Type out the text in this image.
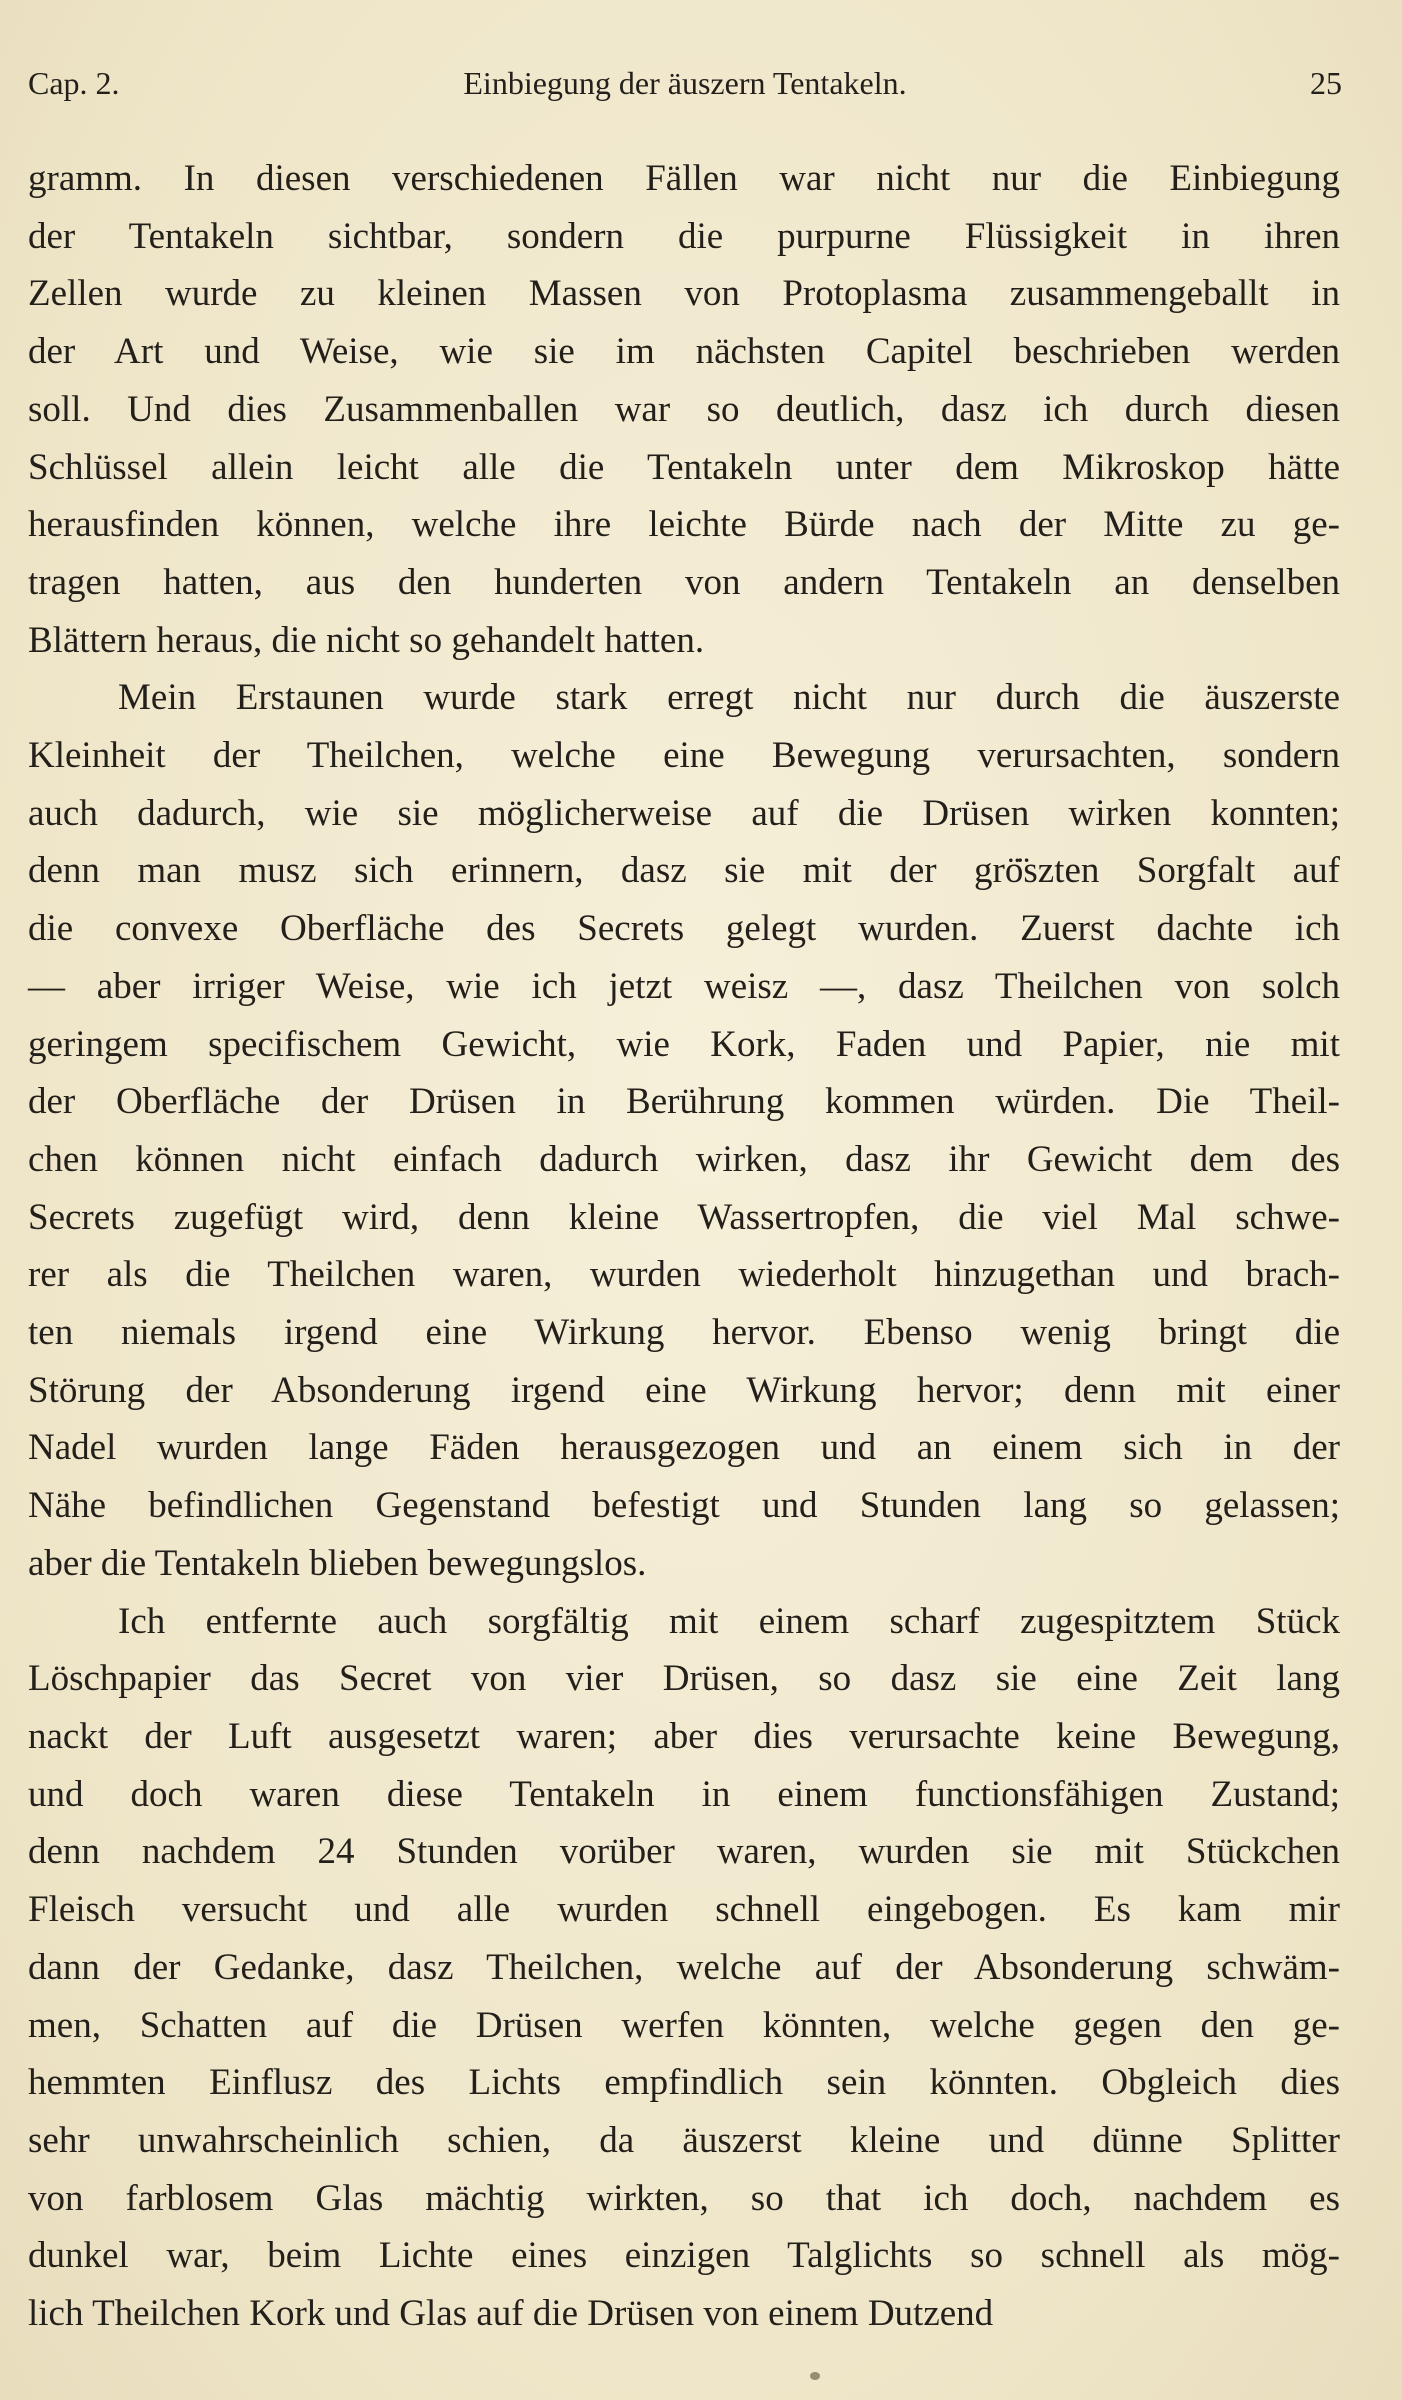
Cap. 2.	Einbiegung der äuszern Tentakeln.	25

gramm. In diesen verschiedenen Fällen war nicht nur die Einbiegung

der Tentakeln sichtbar, sondern die purpurne Flüssigkeit in ihren

Zellen wurde zu kleinen Massen von Protoplasma zusammengeballt in

der Art und Weise, wie sie im nächsten Capitel beschrieben werden

soll. Und dies Zusammenballen war so deutlich, dasz ich durch diesen

Schlüssel allein leicht alle die Tentakeln unter dem Mikroskop hätte

herausfinden können, welche ihre leichte Bürde nach der Mitte zu ge-

tragen hatten, aus den hunderten von andern Tentakeln an denselben

Blättern heraus, die nicht so gehandelt hatten.

Mein Erstaunen wurde stark erregt nicht nur durch die äuszerste

Kleinheit der Theilchen, welche eine Bewegung verursachten, sondern

auch dadurch, wie sie möglicherweise auf die Drüsen wirken konnten;

denn man musz sich erinnern, dasz sie mit der grö̈szten Sorgfalt auf

die convexe Oberfläche des Secrets gelegt wurden. Zuerst dachte ich

— aber irriger Weise, wie ich jetzt weisz —, dasz Theilchen von solch

geringem specifischem Gewicht, wie Kork, Faden und Papier, nie mit

der Oberfläche der Drüsen in Berührung kommen würden. Die Theil-

chen können nicht einfach dadurch wirken, dasz ihr Gewicht dem des

Secrets zugefügt wird, denn kleine Wassertropfen, die viel Mal schwe-

rer als die Theilchen waren, wurden wiederholt hinzugethan und brach-

ten niemals irgend eine Wirkung hervor. Ebenso wenig bringt die

Störung der Absonderung irgend eine Wirkung hervor; denn mit einer

Nadel wurden lange Fäden herausgezogen und an einem sich in der

Nähe befindlichen Gegenstand befestigt und Stunden lang so gelassen;

aber die Tentakeln blieben bewegungslos.

Ich entfernte auch sorgfältig mit einem scharf zugespitztem Stück

Löschpapier das Secret von vier Drüsen, so dasz sie eine Zeit lang

nackt der Luft ausgesetzt waren; aber dies verursachte keine Bewegung,

und doch waren diese Tentakeln in einem functionsfähigen Zustand;

denn nachdem 24 Stunden vorüber waren, wurden sie mit Stückchen

Fleisch versucht und alle wurden schnell eingebogen. Es kam mir

dann der Gedanke, dasz Theilchen, welche auf der Absonderung schwäm-

men, Schatten auf die Drüsen werfen könnten, welche gegen den ge-

hemmten Einflusz des Lichts empfindlich sein könnten. Obgleich dies

sehr unwahrscheinlich schien, da äuszerst kleine und dünne Splitter

von farblosem Glas mächtig wirkten, so that ich doch, nachdem es

dunkel war, beim Lichte eines einzigen Talglichts so schnell als mög-

lich Theilchen Kork und Glas auf die Drüsen von einem Dutzend
